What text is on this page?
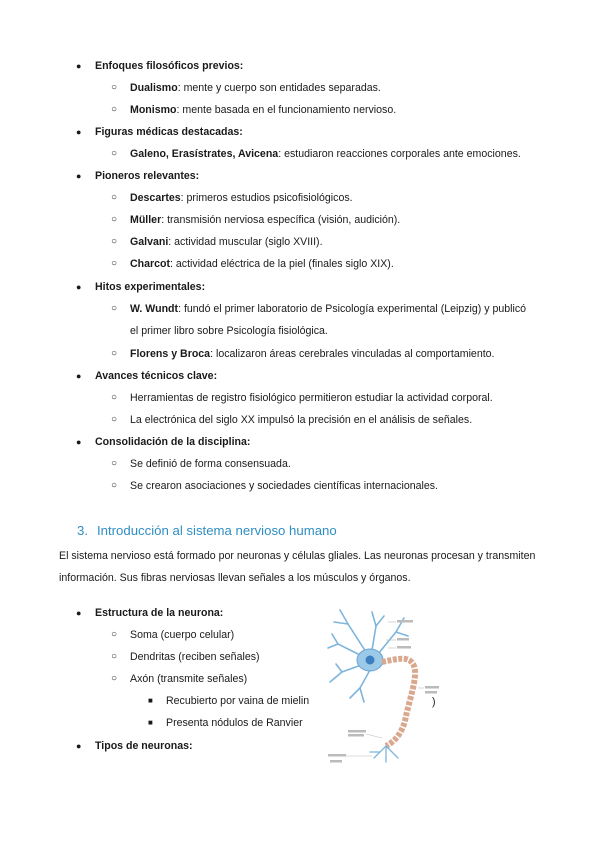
● Enfoques filosóficos previos:
○ Dualismo: mente y cuerpo son entidades separadas.
○ Monismo: mente basada en el funcionamiento nervioso.
● Figuras médicas destacadas:
○ Galeno, Erasístrates, Avicena: estudiaron reacciones corporales ante emociones.
● Pioneros relevantes:
○ Descartes: primeros estudios psicofisiológicos.
○ Müller: transmisión nerviosa específica (visión, audición).
○ Galvani: actividad muscular (siglo XVIII).
○ Charcot: actividad eléctrica de la piel (finales siglo XIX).
● Hitos experimentales:
○ W. Wundt: fundó el primer laboratorio de Psicología experimental (Leipzig) y publicó
el primer libro sobre Psicología fisiológica.
○ Florens y Broca: localizaron áreas cerebrales vinculadas al comportamiento.
● Avances técnicos clave:
○ Herramientas de registro fisiológico permitieron estudiar la actividad corporal.
○ La electrónica del siglo XX impulsó la precisión en el análisis de señales.
● Consolidación de la disciplina:
○ Se definió de forma consensuada.
○ Se crearon asociaciones y sociedades científicas internacionales.
3. Introducción al sistema nervioso humano
El sistema nervioso está formado por neuronas y células gliales. Las neuronas procesan y transmiten
información. Sus fibras nerviosas llevan señales a los músculos y órganos.
● Estructura de la neurona:
○ Soma (cuerpo celular)
○ Dendritas (reciben señales)
○ Axón (transmite señales)
■ Recubierto por vaina de mielin
■ Presenta nódulos de Ranvier
● Tipos de neuronas:
)
